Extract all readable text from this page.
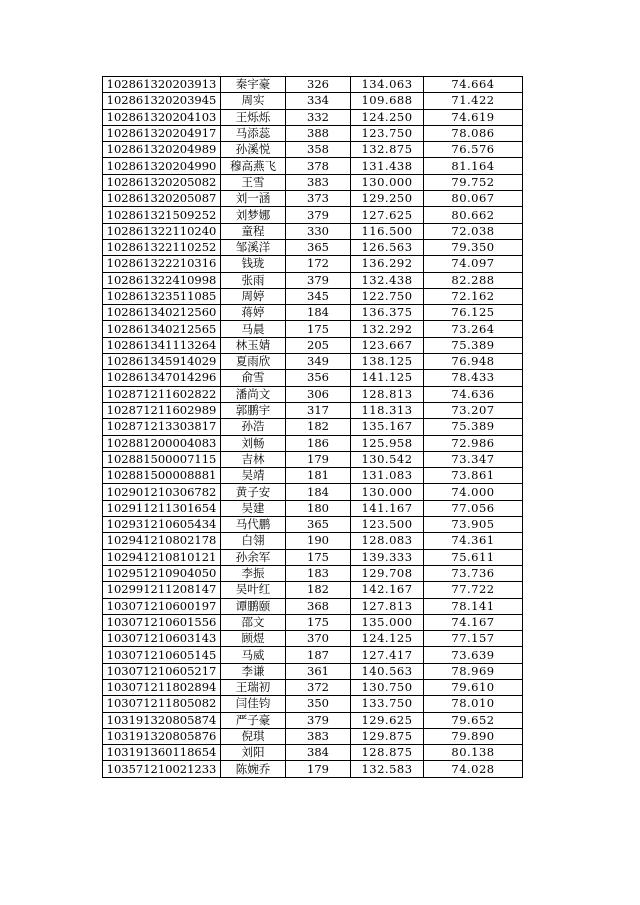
102861320203913	秦宇豪	326	134.063	74.664
102861320203945	周实	334	109.688	71.422
102861320204103	王烁烁	332	124.250	74.619
102861320204917	马添蕊	388	123.750	78.086
102861320204989	孙溪悦	358	132.875	76.576
102861320204990	穆高燕飞	378	131.438	81.164
102861320205082	王雪	383	130.000	79.752
102861320205087	刘一涵	373	129.250	80.067
102861321509252	刘梦娜	379	127.625	80.662
102861322110240	童程	330	116.500	72.038
102861322110252	邹溪洋	365	126.563	79.350
102861322210316	钱珑	172	136.292	74.097
102861322410998	张雨	379	132.438	82.288
102861323511085	周婷	345	122.750	72.162
102861340212560	蒋婷	184	136.375	76.125
102861340212565	马晨	175	132.292	73.264
102861341113264	林玉婧	205	123.667	75.389
102861345914029	夏雨欣	349	138.125	76.948
102861347014296	俞雪	356	141.125	78.433
102871211602822	潘尚文	306	128.813	74.636
102871211602989	郭鹏宇	317	118.313	73.207
102871213303817	孙浩	182	135.167	75.389
102881200004083	刘畅	186	125.958	72.986
102881500007115	吉林	179	130.542	73.347
102881500008881	吴靖	181	131.083	73.861
102901210306782	黄子安	184	130.000	74.000
102911211301654	吴建	180	141.167	77.056
102931210605434	马代鹏	365	123.500	73.905
102941210802178	白翎	190	128.083	74.361
102941210810121	孙余军	175	139.333	75.611
102951210904050	李振	183	129.708	73.736
102991211208147	吴叶红	182	142.167	77.722
103071210600197	谭鹏颐	368	127.813	78.141
103071210601556	邵文	175	135.000	74.167
103071210603143	顾煜	370	124.125	77.157
103071210605145	马威	187	127.417	73.639
103071210605217	李谦	361	140.563	78.969
103071211802894	王瑞初	372	130.750	79.610
103071211805082	闫佳钧	350	133.750	78.010
103191320805874	严子豪	379	129.625	79.652
103191320805876	倪琪	383	129.875	79.890
103191360118654	刘阳	384	128.875	80.138
103571210021233	陈婉乔	179	132.583	74.028
